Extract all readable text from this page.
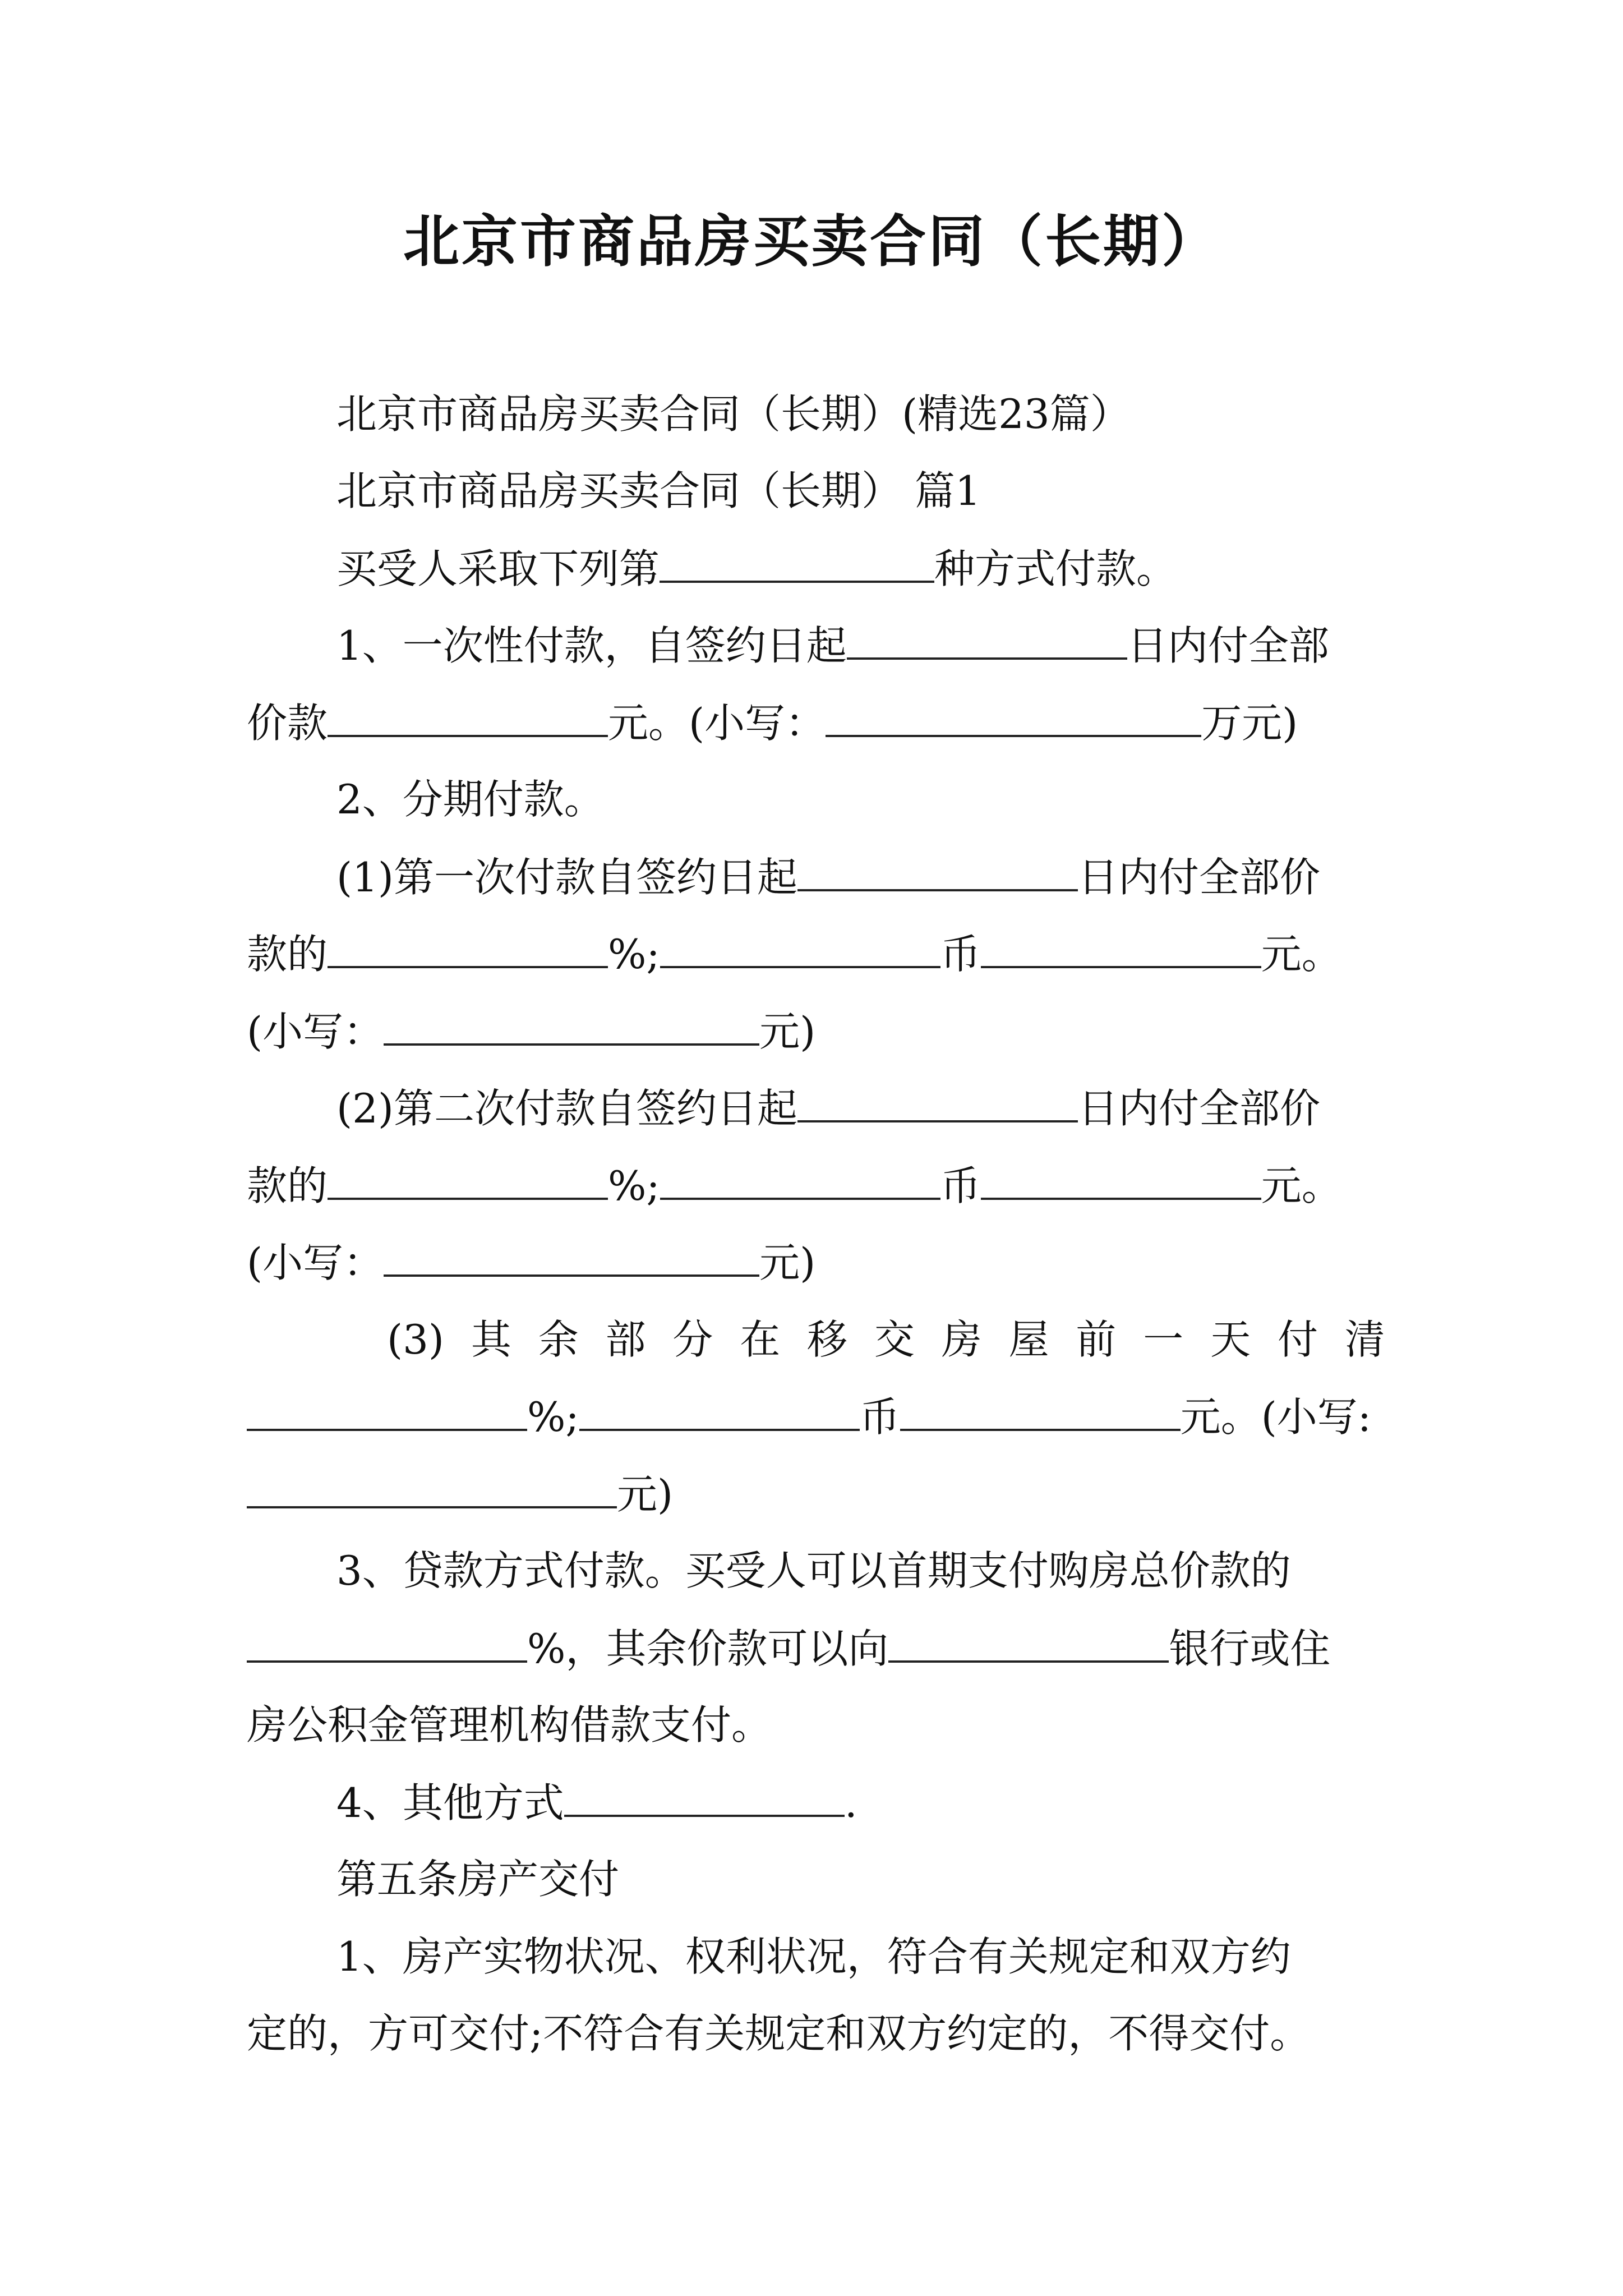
北京市商品房买卖合同（长期）
北京市商品房买卖合同（长期）(精选23篇）
北京市商品房买卖合同（长期） 篇1
买受人采取下列第	种方式付款。
1、一次性付款，自签约日起	日内付全部
价款	元。(小写：	万元)
2、分期付款。
(1)第一次付款自签约日起	日内付全部价
款的	%;	币	元。
(小写：	元)
(2)第二次付款自签约日起	日内付全部价
款的	%;	币	元。
(小写：	元)
(3) 其 余 部 分 在 移 交 房 屋 前 一 天 付 清
%;	币	元。(小写:
元)
3、贷款方式付款。买受人可以首期支付购房总价款的
%，其余价款可以向	银行或住
房公积金管理机构借款支付。
4、其他方式	.
第五条房产交付
1、房产实物状况、权利状况，符合有关规定和双方约
定的，方可交付;不符合有关规定和双方约定的，不得交付。
